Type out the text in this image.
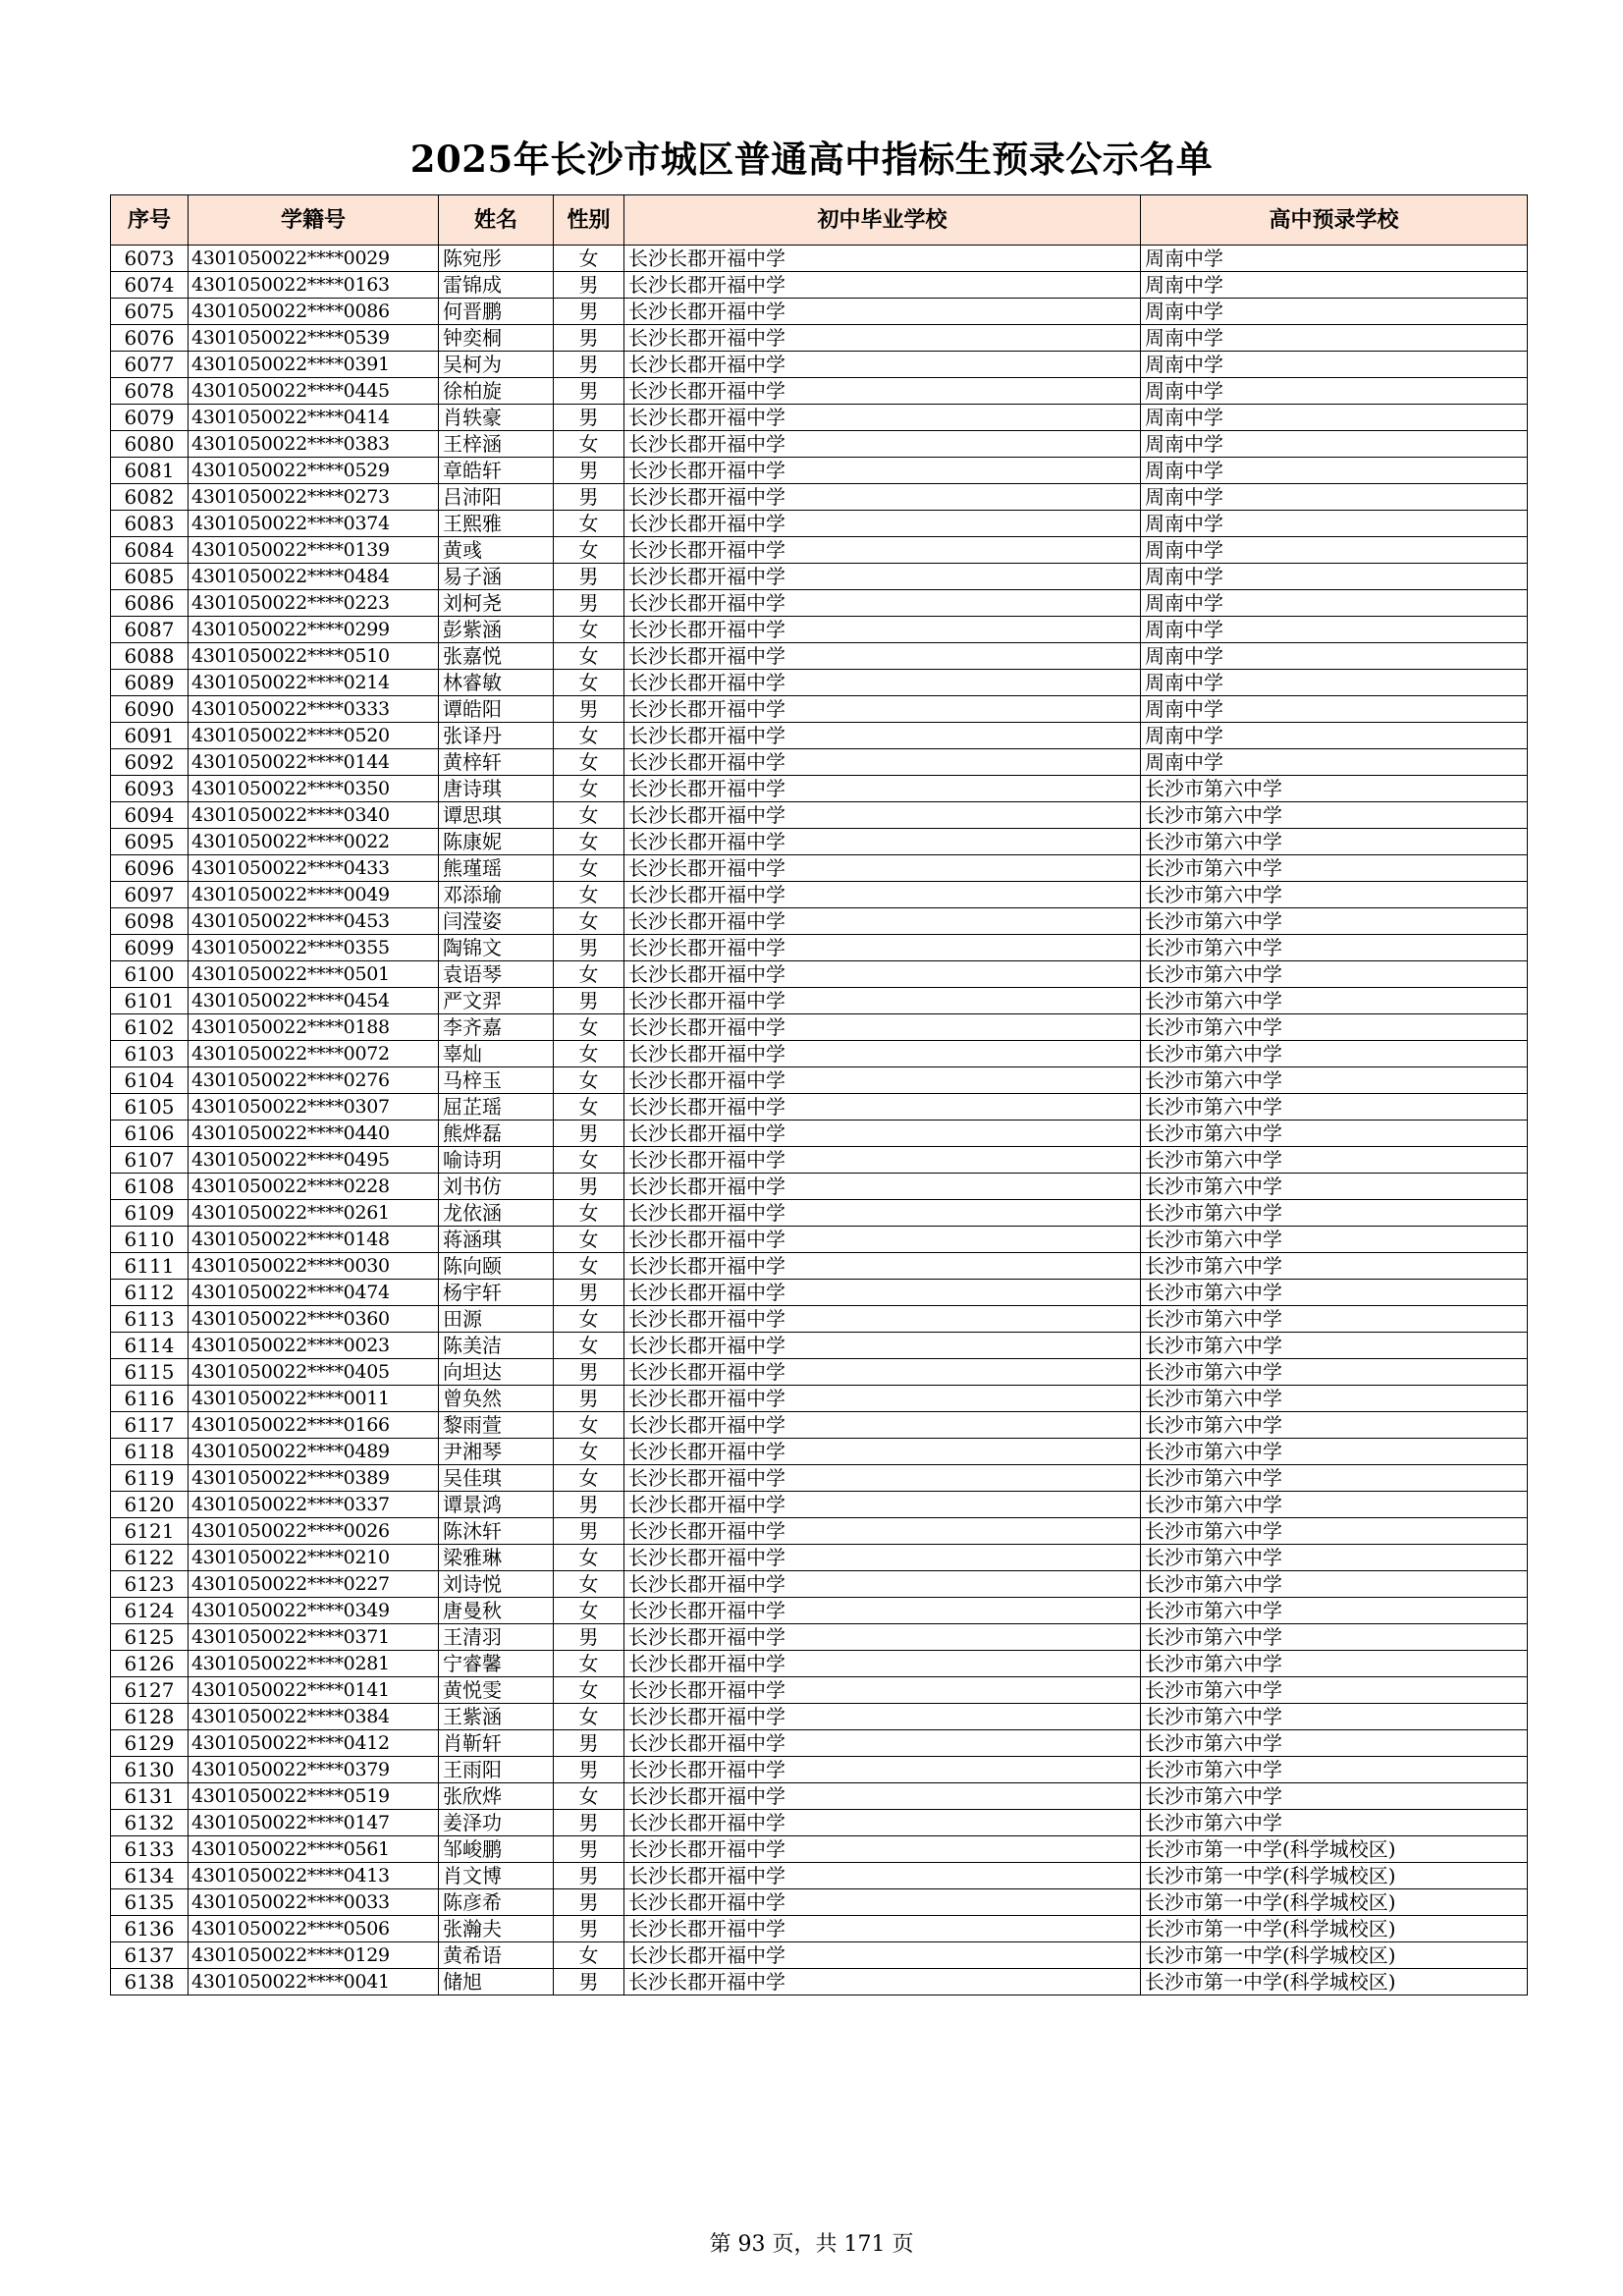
2025年长沙市城区普通高中指标生预录公示名单
序号	学籍号	姓名	性别	初中毕业学校	高中预录学校
6073	4301050022****0029	陈宛彤	女	长沙长郡开福中学	周南中学
6074	4301050022****0163	雷锦成	男	长沙长郡开福中学	周南中学
6075	4301050022****0086	何晋鹏	男	长沙长郡开福中学	周南中学
6076	4301050022****0539	钟奕桐	男	长沙长郡开福中学	周南中学
6077	4301050022****0391	吴柯为	男	长沙长郡开福中学	周南中学
6078	4301050022****0445	徐柏旋	男	长沙长郡开福中学	周南中学
6079	4301050022****0414	肖轶豪	男	长沙长郡开福中学	周南中学
6080	4301050022****0383	王梓涵	女	长沙长郡开福中学	周南中学
6081	4301050022****0529	章皓轩	男	长沙长郡开福中学	周南中学
6082	4301050022****0273	吕沛阳	男	长沙长郡开福中学	周南中学
6083	4301050022****0374	王熙雅	女	长沙长郡开福中学	周南中学
6084	4301050022****0139	黄彧	女	长沙长郡开福中学	周南中学
6085	4301050022****0484	易子涵	男	长沙长郡开福中学	周南中学
6086	4301050022****0223	刘柯尧	男	长沙长郡开福中学	周南中学
6087	4301050022****0299	彭紫涵	女	长沙长郡开福中学	周南中学
6088	4301050022****0510	张嘉悦	女	长沙长郡开福中学	周南中学
6089	4301050022****0214	林睿敏	女	长沙长郡开福中学	周南中学
6090	4301050022****0333	谭皓阳	男	长沙长郡开福中学	周南中学
6091	4301050022****0520	张译丹	女	长沙长郡开福中学	周南中学
6092	4301050022****0144	黄梓轩	女	长沙长郡开福中学	周南中学
6093	4301050022****0350	唐诗琪	女	长沙长郡开福中学	长沙市第六中学
6094	4301050022****0340	谭思琪	女	长沙长郡开福中学	长沙市第六中学
6095	4301050022****0022	陈康妮	女	长沙长郡开福中学	长沙市第六中学
6096	4301050022****0433	熊瑾瑶	女	长沙长郡开福中学	长沙市第六中学
6097	4301050022****0049	邓添瑜	女	长沙长郡开福中学	长沙市第六中学
6098	4301050022****0453	闫滢姿	女	长沙长郡开福中学	长沙市第六中学
6099	4301050022****0355	陶锦文	男	长沙长郡开福中学	长沙市第六中学
6100	4301050022****0501	袁语琴	女	长沙长郡开福中学	长沙市第六中学
6101	4301050022****0454	严文羿	男	长沙长郡开福中学	长沙市第六中学
6102	4301050022****0188	李齐嘉	女	长沙长郡开福中学	长沙市第六中学
6103	4301050022****0072	辜灿	女	长沙长郡开福中学	长沙市第六中学
6104	4301050022****0276	马梓玉	女	长沙长郡开福中学	长沙市第六中学
6105	4301050022****0307	屈芷瑶	女	长沙长郡开福中学	长沙市第六中学
6106	4301050022****0440	熊烨磊	男	长沙长郡开福中学	长沙市第六中学
6107	4301050022****0495	喻诗玥	女	长沙长郡开福中学	长沙市第六中学
6108	4301050022****0228	刘书仿	男	长沙长郡开福中学	长沙市第六中学
6109	4301050022****0261	龙依涵	女	长沙长郡开福中学	长沙市第六中学
6110	4301050022****0148	蒋涵琪	女	长沙长郡开福中学	长沙市第六中学
6111	4301050022****0030	陈向颐	女	长沙长郡开福中学	长沙市第六中学
6112	4301050022****0474	杨宇轩	男	长沙长郡开福中学	长沙市第六中学
6113	4301050022****0360	田源	女	长沙长郡开福中学	长沙市第六中学
6114	4301050022****0023	陈美洁	女	长沙长郡开福中学	长沙市第六中学
6115	4301050022****0405	向坦达	男	长沙长郡开福中学	长沙市第六中学
6116	4301050022****0011	曾奂然	男	长沙长郡开福中学	长沙市第六中学
6117	4301050022****0166	黎雨萱	女	长沙长郡开福中学	长沙市第六中学
6118	4301050022****0489	尹湘琴	女	长沙长郡开福中学	长沙市第六中学
6119	4301050022****0389	吴佳琪	女	长沙长郡开福中学	长沙市第六中学
6120	4301050022****0337	谭景鸿	男	长沙长郡开福中学	长沙市第六中学
6121	4301050022****0026	陈沐轩	男	长沙长郡开福中学	长沙市第六中学
6122	4301050022****0210	梁雅琳	女	长沙长郡开福中学	长沙市第六中学
6123	4301050022****0227	刘诗悦	女	长沙长郡开福中学	长沙市第六中学
6124	4301050022****0349	唐曼秋	女	长沙长郡开福中学	长沙市第六中学
6125	4301050022****0371	王清羽	男	长沙长郡开福中学	长沙市第六中学
6126	4301050022****0281	宁睿馨	女	长沙长郡开福中学	长沙市第六中学
6127	4301050022****0141	黄悦雯	女	长沙长郡开福中学	长沙市第六中学
6128	4301050022****0384	王紫涵	女	长沙长郡开福中学	长沙市第六中学
6129	4301050022****0412	肖靳轩	男	长沙长郡开福中学	长沙市第六中学
6130	4301050022****0379	王雨阳	男	长沙长郡开福中学	长沙市第六中学
6131	4301050022****0519	张欣烨	女	长沙长郡开福中学	长沙市第六中学
6132	4301050022****0147	姜泽功	男	长沙长郡开福中学	长沙市第六中学
6133	4301050022****0561	邹峻鹏	男	长沙长郡开福中学	长沙市第一中学(科学城校区)
6134	4301050022****0413	肖文博	男	长沙长郡开福中学	长沙市第一中学(科学城校区)
6135	4301050022****0033	陈彦希	男	长沙长郡开福中学	长沙市第一中学(科学城校区)
6136	4301050022****0506	张瀚夫	男	长沙长郡开福中学	长沙市第一中学(科学城校区)
6137	4301050022****0129	黄希语	女	长沙长郡开福中学	长沙市第一中学(科学城校区)
6138	4301050022****0041	储旭	男	长沙长郡开福中学	长沙市第一中学(科学城校区)
第 93 页，共 171 页
